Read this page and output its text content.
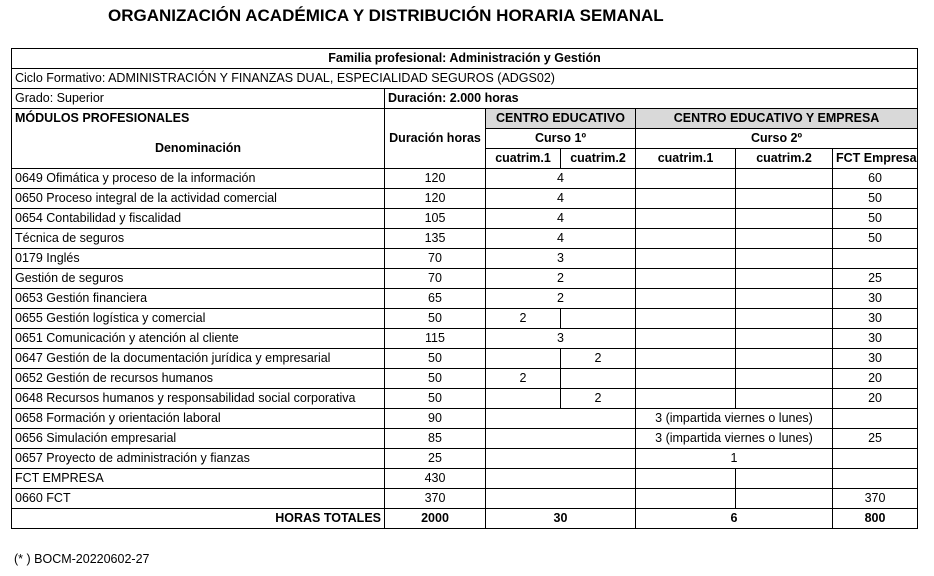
ORGANIZACIÓN ACADÉMICA Y DISTRIBUCIÓN HORARIA SEMANAL
Familia profesional: Administración y Gestión						
Ciclo Formativo: ADMINISTRACIÓN Y FINANZAS DUAL, ESPECIALIDAD SEGUROS (ADGS02)						
Grado: Superior	Duración: 2.000 horas					
MÓDULOS PROFESIONALES	Duración horas	CENTRO EDUCATIVO		CENTRO EDUCATIVO Y EMPRESA		
Denominación		Curso 1º		Curso 2º		
		cuatrim.1	cuatrim.2	cuatrim.1	cuatrim.2	FCT Empresa
0649 Ofimática y proceso de la información	120	4				60
0650 Proceso integral de la actividad comercial	120	4				50
0654 Contabilidad y fiscalidad	105	4				50
Técnica de seguros	135	4				50
0179 Inglés	70	3				
Gestión de seguros	70	2				25
0653 Gestión financiera	65	2				30
0655 Gestión logística y comercial	50	2				30
0651 Comunicación y atención al cliente	115	3				30
0647 Gestión de la documentación jurídica y empresarial	50		2			30
0652 Gestión de recursos humanos	50	2				20
0648 Recursos humanos y responsabilidad social corporativa	50		2			20
0658 Formación y orientación laboral	90			3 (impartida viernes o lunes)		
0656 Simulación empresarial	85			3 (impartida viernes o lunes)		25
0657 Proyecto de administración y fianzas	25			1		
FCT EMPRESA	430					
0660 FCT	370					370
HORAS TOTALES	2000	30		6		800
(* ) BOCM-20220602-27
